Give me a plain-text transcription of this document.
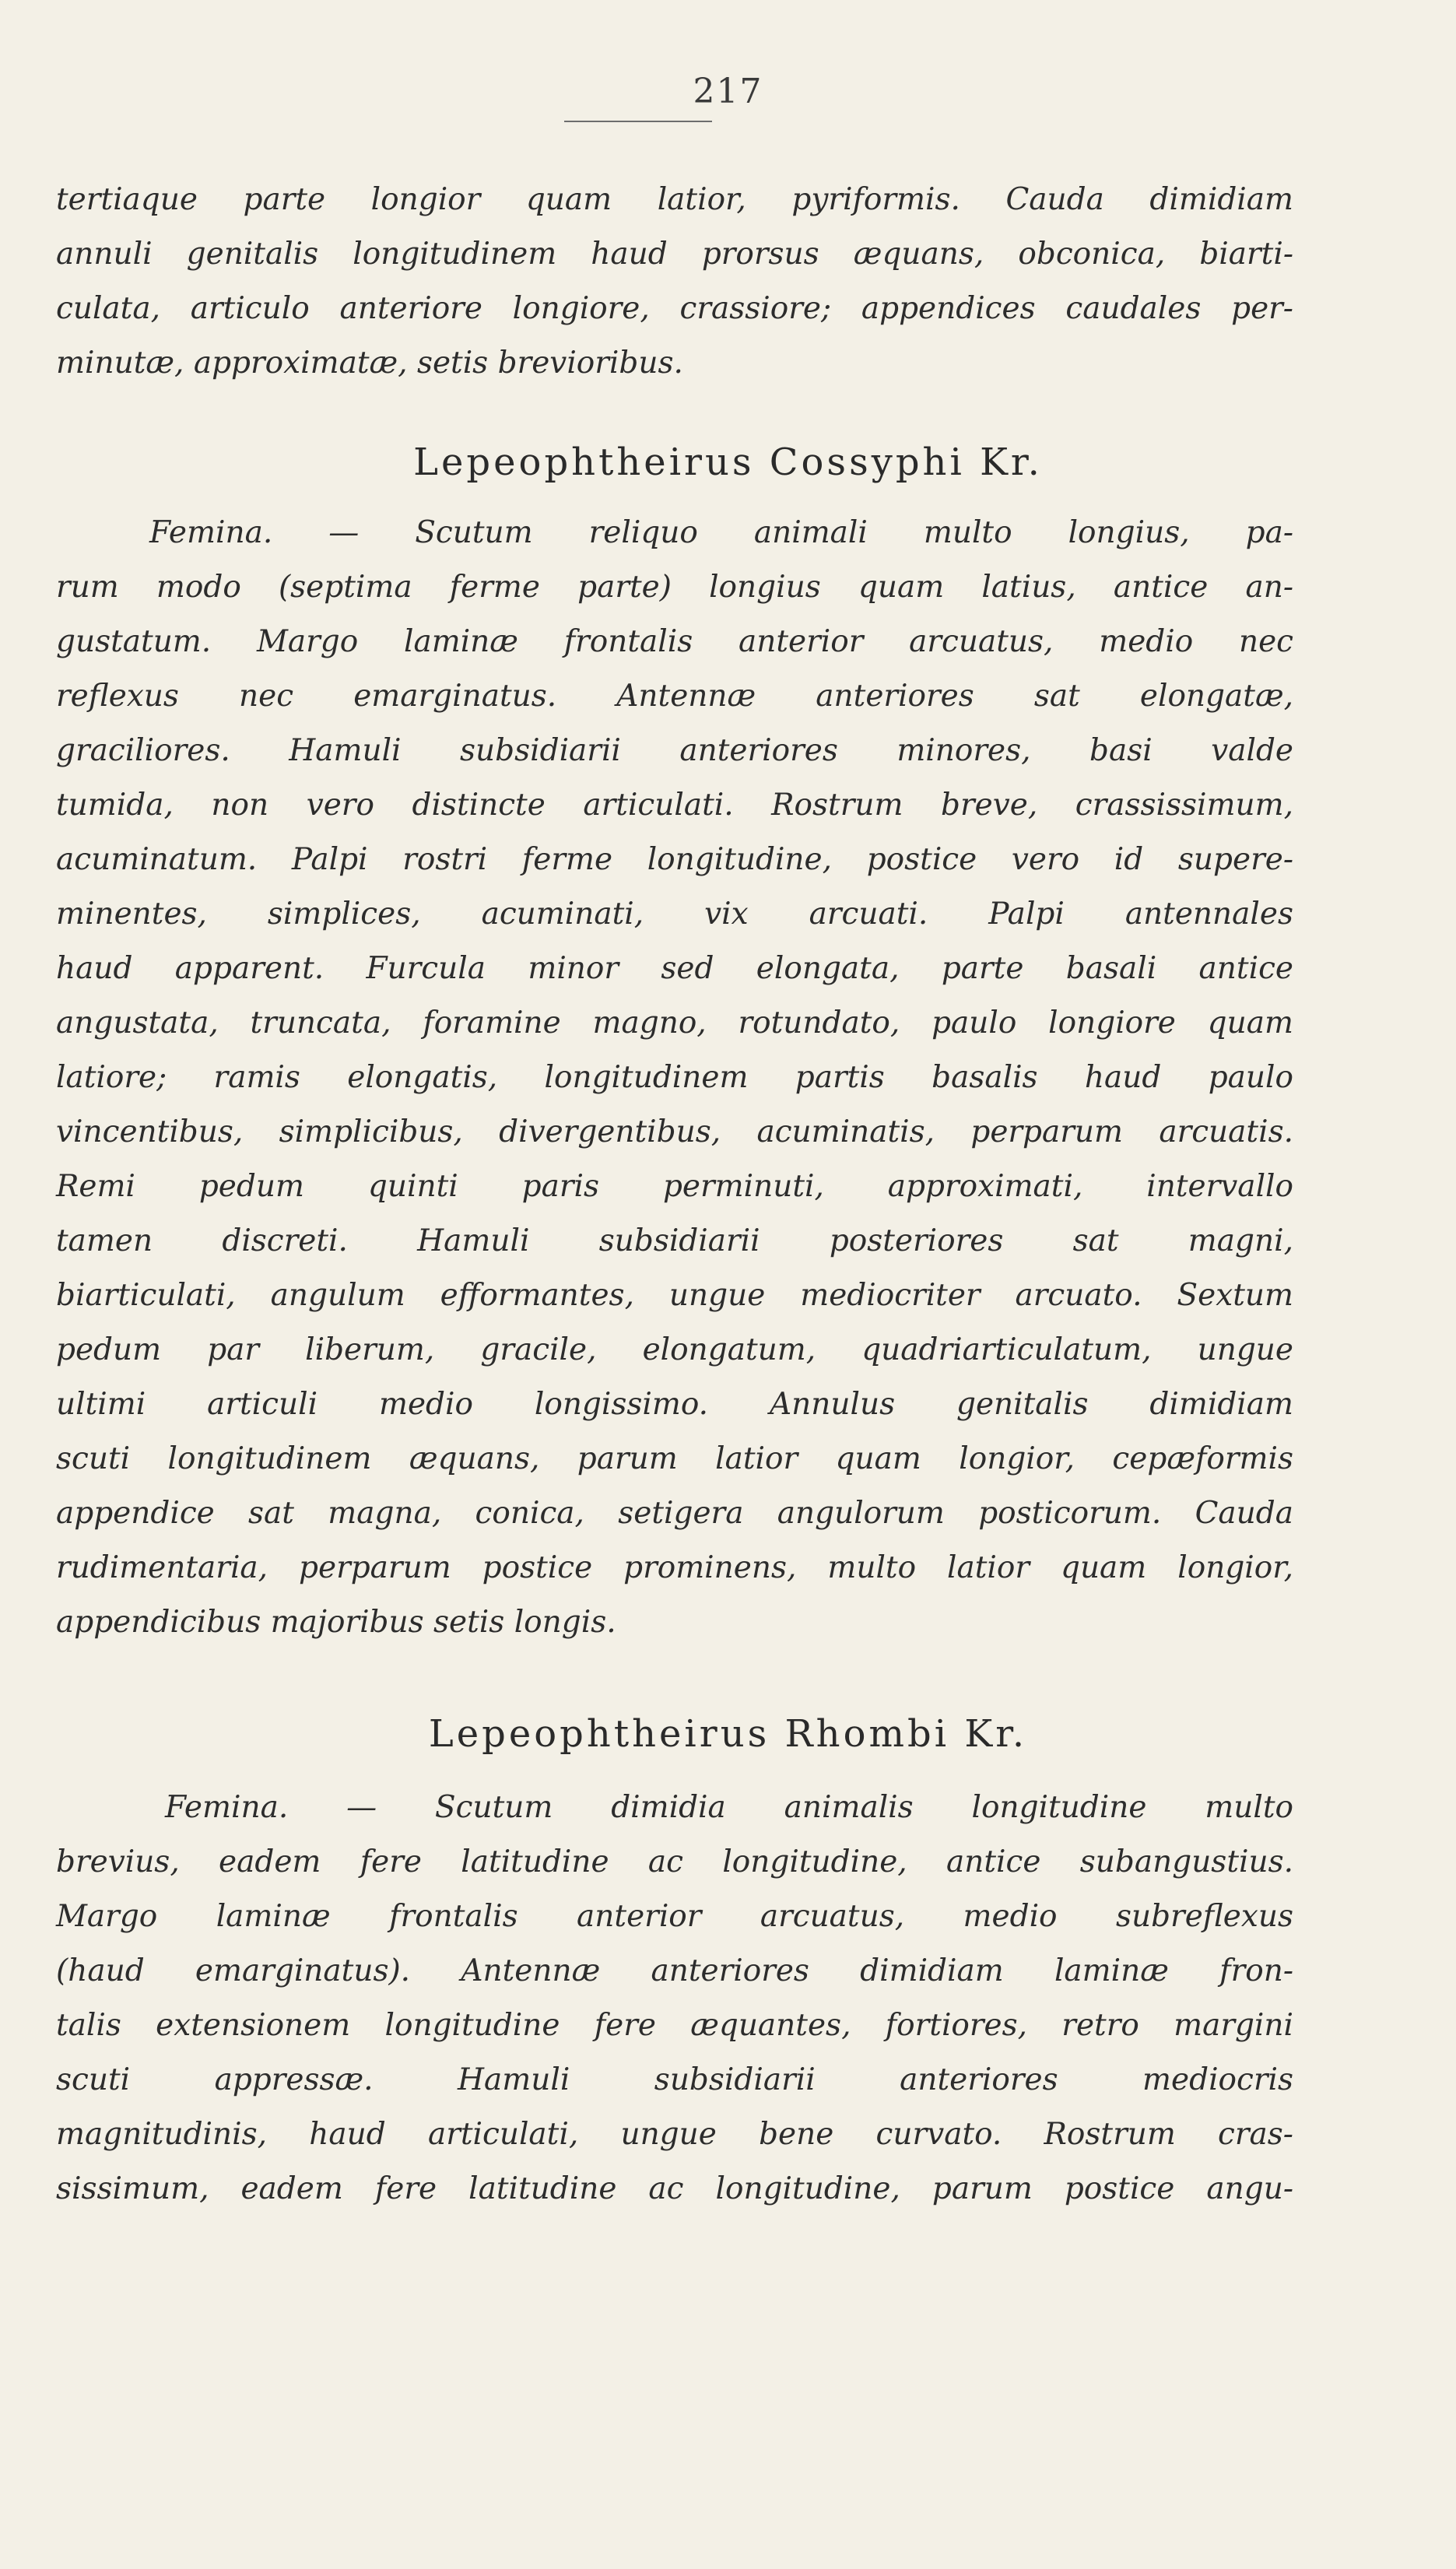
217
tertiaque parte longior quam latior, pyriformis. Cauda dimidiam
annuli genitalis longitudinem haud prorsus æquans, obconica, biarti-
culata, articulo anteriore longiore, crassiore; appendices caudales per-
minutæ, approximatæ, setis brevioribus.
Lepeophtheirus Cossyphi Kr.
Femina. — Scutum reliquo animali multo longius, pa-
rum modo (septima ferme parte) longius quam latius, antice an-
gustatum. Margo laminæ frontalis anterior arcuatus, medio nec
reflexus nec emarginatus. Antennæ anteriores sat elongatæ,
graciliores. Hamuli subsidiarii anteriores minores, basi valde
tumida, non vero distincte articulati. Rostrum breve, crassissimum,
acuminatum. Palpi rostri ferme longitudine, postice vero id supere-
minentes, simplices, acuminati, vix arcuati. Palpi antennales
haud apparent. Furcula minor sed elongata, parte basali antice
angustata, truncata, foramine magno, rotundato, paulo longiore quam
latiore; ramis elongatis, longitudinem partis basalis haud paulo
vincentibus, simplicibus, divergentibus, acuminatis, perparum arcuatis.
Remi pedum quinti paris perminuti, approximati, intervallo
tamen discreti. Hamuli subsidiarii posteriores sat magni,
biarticulati, angulum efformantes, ungue mediocriter arcuato. Sextum
pedum par liberum, gracile, elongatum, quadriarticulatum, ungue
ultimi articuli medio longissimo. Annulus genitalis dimidiam
scuti longitudinem æquans, parum latior quam longior, cepæformis
appendice sat magna, conica, setigera angulorum posticorum. Cauda
rudimentaria, perparum postice prominens, multo latior quam longior,
appendicibus majoribus setis longis.
Lepeophtheirus Rhombi Kr.
Femina. — Scutum dimidia animalis longitudine multo
brevius, eadem fere latitudine ac longitudine, antice subangustius.
Margo laminæ frontalis anterior arcuatus, medio subreflexus
(haud emarginatus). Antennæ anteriores dimidiam laminæ fron-
talis extensionem longitudine fere æquantes, fortiores, retro margini
scuti appressæ. Hamuli subsidiarii anteriores mediocris
magnitudinis, haud articulati, ungue bene curvato. Rostrum cras-
sissimum, eadem fere latitudine ac longitudine, parum postice angu-
